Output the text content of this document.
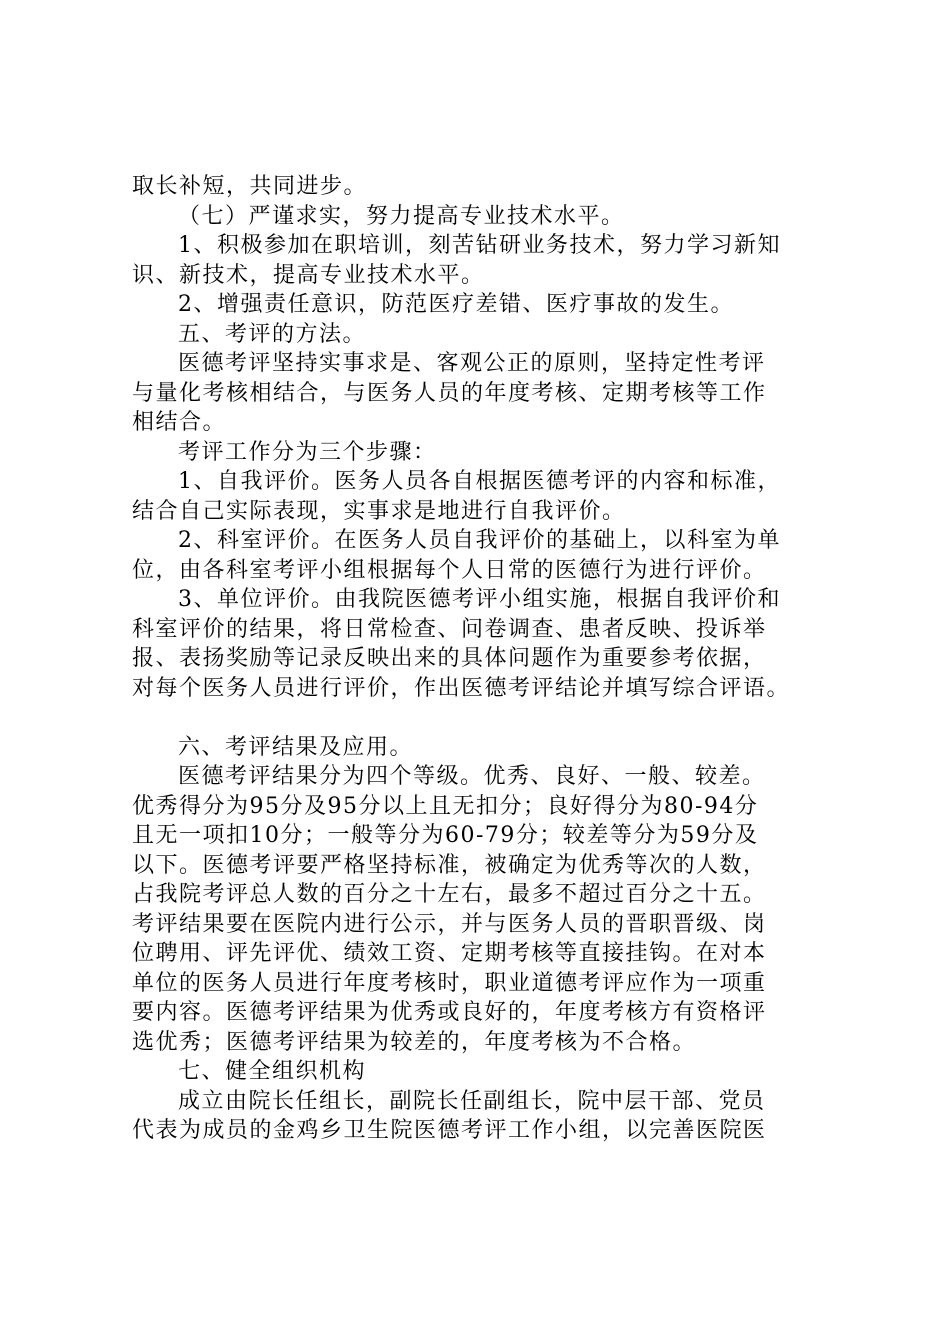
取长补短，共同进步。
（七）严谨求实，努力提高专业技术水平。
1、积极参加在职培训，刻苦钻研业务技术，努力学习新知
识、新技术，提高专业技术水平。
2、增强责任意识，防范医疗差错、医疗事故的发生。
五、考评的方法。
医德考评坚持实事求是、客观公正的原则，坚持定性考评
与量化考核相结合，与医务人员的年度考核、定期考核等工作
相结合。
考评工作分为三个步骤：
1、自我评价。医务人员各自根据医德考评的内容和标准，
结合自己实际表现，实事求是地进行自我评价。
2、科室评价。在医务人员自我评价的基础上，以科室为单
位，由各科室考评小组根据每个人日常的医德行为进行评价。
3、单位评价。由我院医德考评小组实施，根据自我评价和
科室评价的结果，将日常检查、问卷调查、患者反映、投诉举
报、表扬奖励等记录反映出来的具体问题作为重要参考依据，
对每个医务人员进行评价，作出医德考评结论并填写综合评语。
六、考评结果及应用。
医德考评结果分为四个等级。优秀、良好、一般、较差。
优秀得分为95分及95分以上且无扣分；良好得分为80-94分
且无一项扣10分；一般等分为60-79分；较差等分为59分及
以下。医德考评要严格坚持标准，被确定为优秀等次的人数，
占我院考评总人数的百分之十左右，最多不超过百分之十五。
考评结果要在医院内进行公示，并与医务人员的晋职晋级、岗
位聘用、评先评优、绩效工资、定期考核等直接挂钩。在对本
单位的医务人员进行年度考核时，职业道德考评应作为一项重
要内容。医德考评结果为优秀或良好的，年度考核方有资格评
选优秀；医德考评结果为较差的，年度考核为不合格。
七、健全组织机构
成立由院长任组长，副院长任副组长，院中层干部、党员
代表为成员的金鸡乡卫生院医德考评工作小组，以完善医院医
